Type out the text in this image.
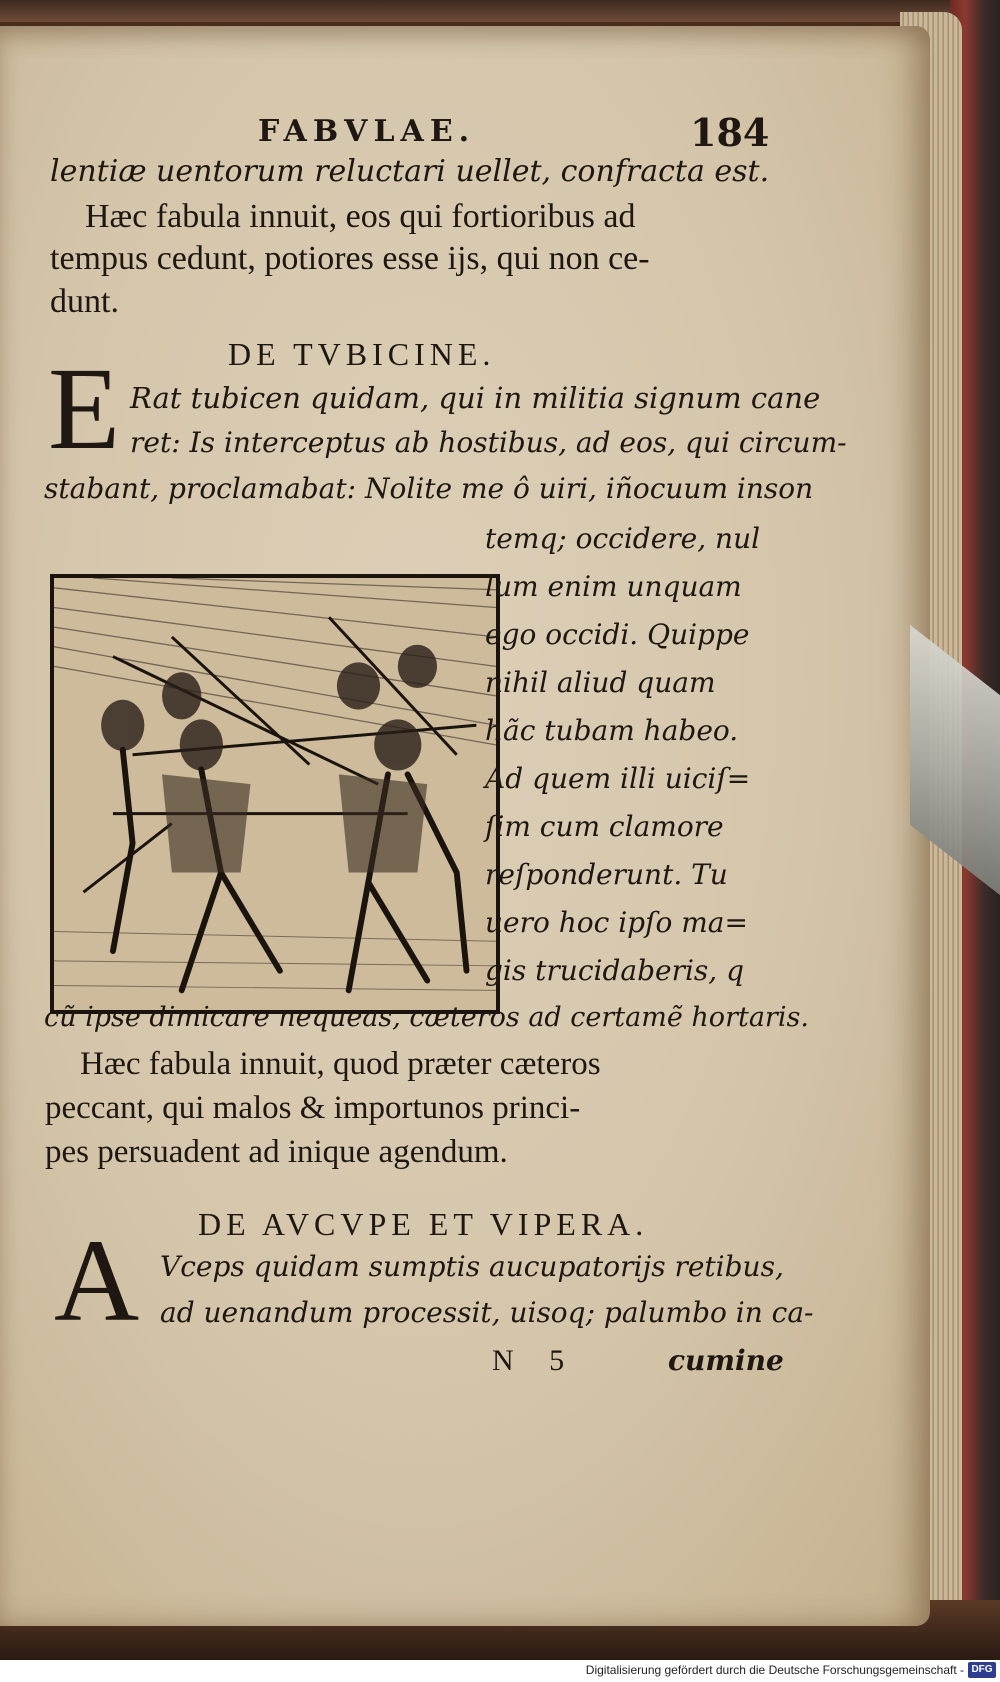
FABVLAE.	184
lentiæ uentorum reluctari uellet, confracta est.
Hæc fabula innuit, eos qui fortioribus ad
tempus cedunt, potiores esse ijs, qui non ce-
dunt.
DE TVBICINE.
E Rat tubicen quidam, qui in militia signum cane
ret: Is interceptus ab hostibus, ad eos, qui circum-
stabant, proclamabat: Nolite me ô uiri, iñocuum inson
temq; occidere, nul
lum enim unquam
ego occidi. Quippe
nihil aliud quam
hãc tubam habeo.
Ad quem illi uiciſ=
ſim cum clamore
reſponderunt. Tu
uero hoc ipſo ma=
gis trucidaberis, q
cũ ipse dimicare nequeas, cæteros ad certamẽ hortaris.
Hæc fabula innuit, quod præter cæteros
peccant, qui malos & importunos princi-
pes persuadent ad inique agendum.
DE AVCVPE ET VIPERA.
A Vceps quidam sumptis aucupatorijs retibus,
ad uenandum processit, uisoq; palumbo in ca-
N 5	cumine
Digitalisierung gefördert durch die Deutsche Forschungsgemeinschaft - DFG
